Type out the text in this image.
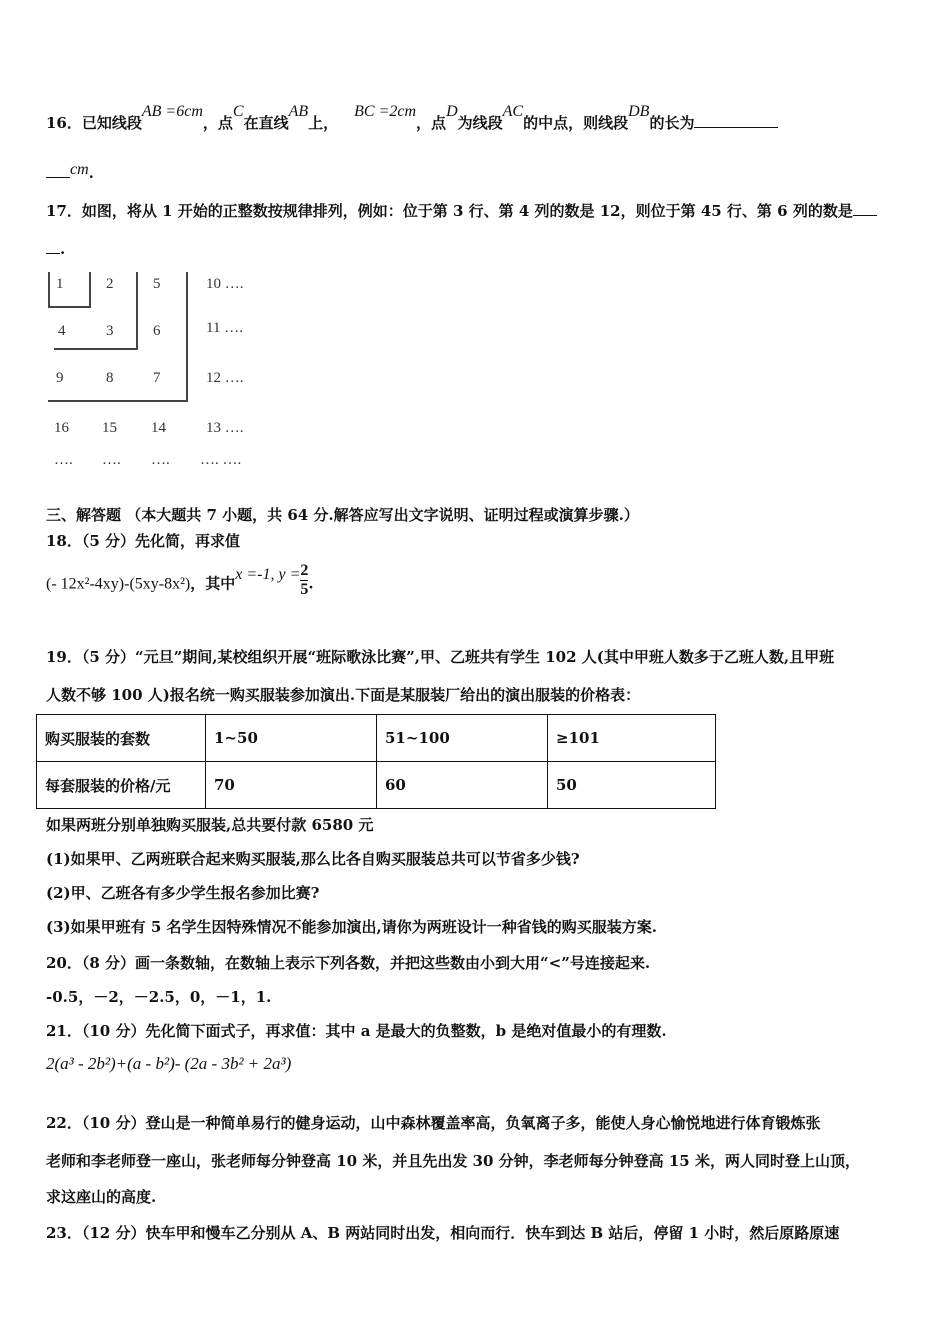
16．已知线段AB =6cm，点C在直线AB上，BC =2cm，点D为线段AC的中点，则线段DB的长为
cm.
17．如图，将从 1 开始的正整数按规律排列，例如：位于第 3 行、第 4 列的数是 12，则位于第 45 行、第 6 列的数是
.
1	2	5	10 ….
4	3	6	11 ….
9	8	7	12 ….
16 15 14	13 ….
…. …. …. …. ….
三、解答题 （本大题共 7 小题，共 64 分.解答应写出文字说明、证明过程或演算步骤.）
18．（5 分）先化简，再求值
(- 12x²-4xy)-(5xy-8x²)，其中x =-1, $y = \frac{2}{5}$ .
19．（5 分）“元旦”期间,某校组织开展“班际歌泳比赛”,甲、乙班共有学生 102 人(其中甲班人数多于乙班人数,且甲班
人数不够 100 人)报名统一购买服装参加演出.下面是某服装厂给出的演出服装的价格表：
购买服装的套数	1~50	51~100	≥101
每套服装的价格/元	70	60	50
如果两班分别单独购买服装,总共要付款 6580 元
(1)如果甲、乙两班联合起来购买服装,那么比各自购买服装总共可以节省多少钱?
(2)甲、乙班各有多少学生报名参加比赛?
(3)如果甲班有 5 名学生因特殊情况不能参加演出,请你为两班设计一种省钱的购买服装方案.
20．（8 分）画一条数轴，在数轴上表示下列各数，并把这些数由小到大用“<”号连接起来.
-0.5，－2，－2.5，0，－1，1.
21．（10 分）先化简下面式子，再求值：其中 a 是最大的负整数，b 是绝对值最小的有理数.
2(a³ - 2b²)+(a - b²)- (2a - 3b² + 2a³)
22．（10 分）登山是一种简单易行的健身运动，山中森林覆盖率高，负氧离子多，能使人身心愉悦地进行体育锻炼张
老师和李老师登一座山，张老师每分钟登高 10 米，并且先出发 30 分钟，李老师每分钟登高 15 米，两人同时登上山顶，
求这座山的高度.
23．（12 分）快车甲和慢车乙分别从 A、B 两站同时出发，相向而行．快车到达 B 站后，停留 1 小时，然后原路原速
